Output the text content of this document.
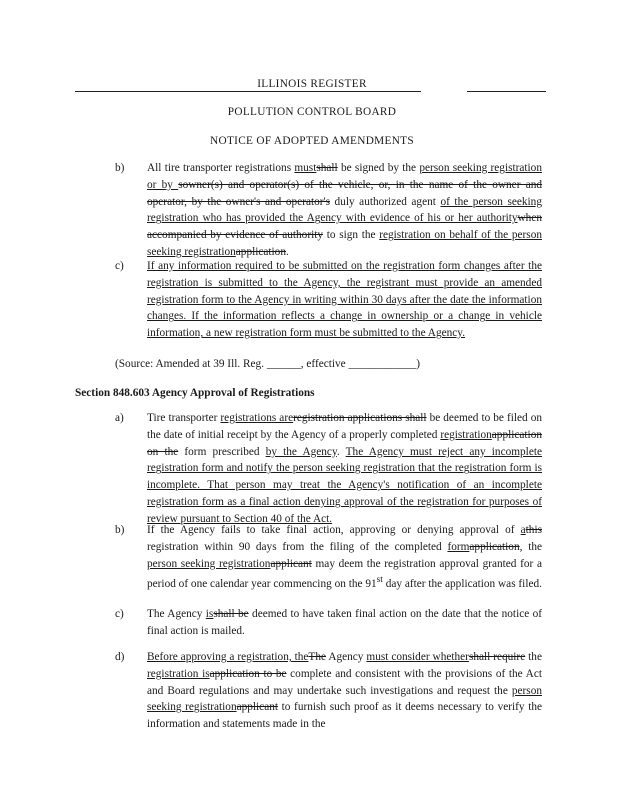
ILLINOIS REGISTER
POLLUTION CONTROL BOARD
NOTICE OF ADOPTED AMENDMENTS
b) All tire transporter registrations mustshall be signed by the person seeking registration or by sowner(s) and operator(s) of the vehicle, or, in the name of the owner and operator, by the owner's and operator's duly authorized agent of the person seeking registration who has provided the Agency with evidence of his or her authoritywhen accompanied by evidence of authority to sign the registration on behalf of the person seeking registrationapplication.
c) If any information required to be submitted on the registration form changes after the registration is submitted to the Agency, the registrant must provide an amended registration form to the Agency in writing within 30 days after the date the information changes. If the information reflects a change in ownership or a change in vehicle information, a new registration form must be submitted to the Agency.
(Source: Amended at 39 Ill. Reg. ______, effective ____________)
Section 848.603 Agency Approval of Registrations
a) Tire transporter registrations areregistration applications shall be deemed to be filed on the date of initial receipt by the Agency of a properly completed registrationapplication on the form prescribed by the Agency. The Agency must reject any incomplete registration form and notify the person seeking registration that the registration form is incomplete. That person may treat the Agency's notification of an incomplete registration form as a final action denying approval of the registration for purposes of review pursuant to Section 40 of the Act.
b) If the Agency fails to take final action, approving or denying approval of athis registration within 90 days from the filing of the completed formapplication, the person seeking registrationapplicant may deem the registration approval granted for a period of one calendar year commencing on the 91st day after the application was filed.
c) The Agency isshall be deemed to have taken final action on the date that the notice of final action is mailed.
d) Before approving a registration, theThe Agency must consider whethershall require the registration isapplication to be complete and consistent with the provisions of the Act and Board regulations and may undertake such investigations and request the person seeking registrationapplicant to furnish such proof as it deems necessary to verify the information and statements made in the
